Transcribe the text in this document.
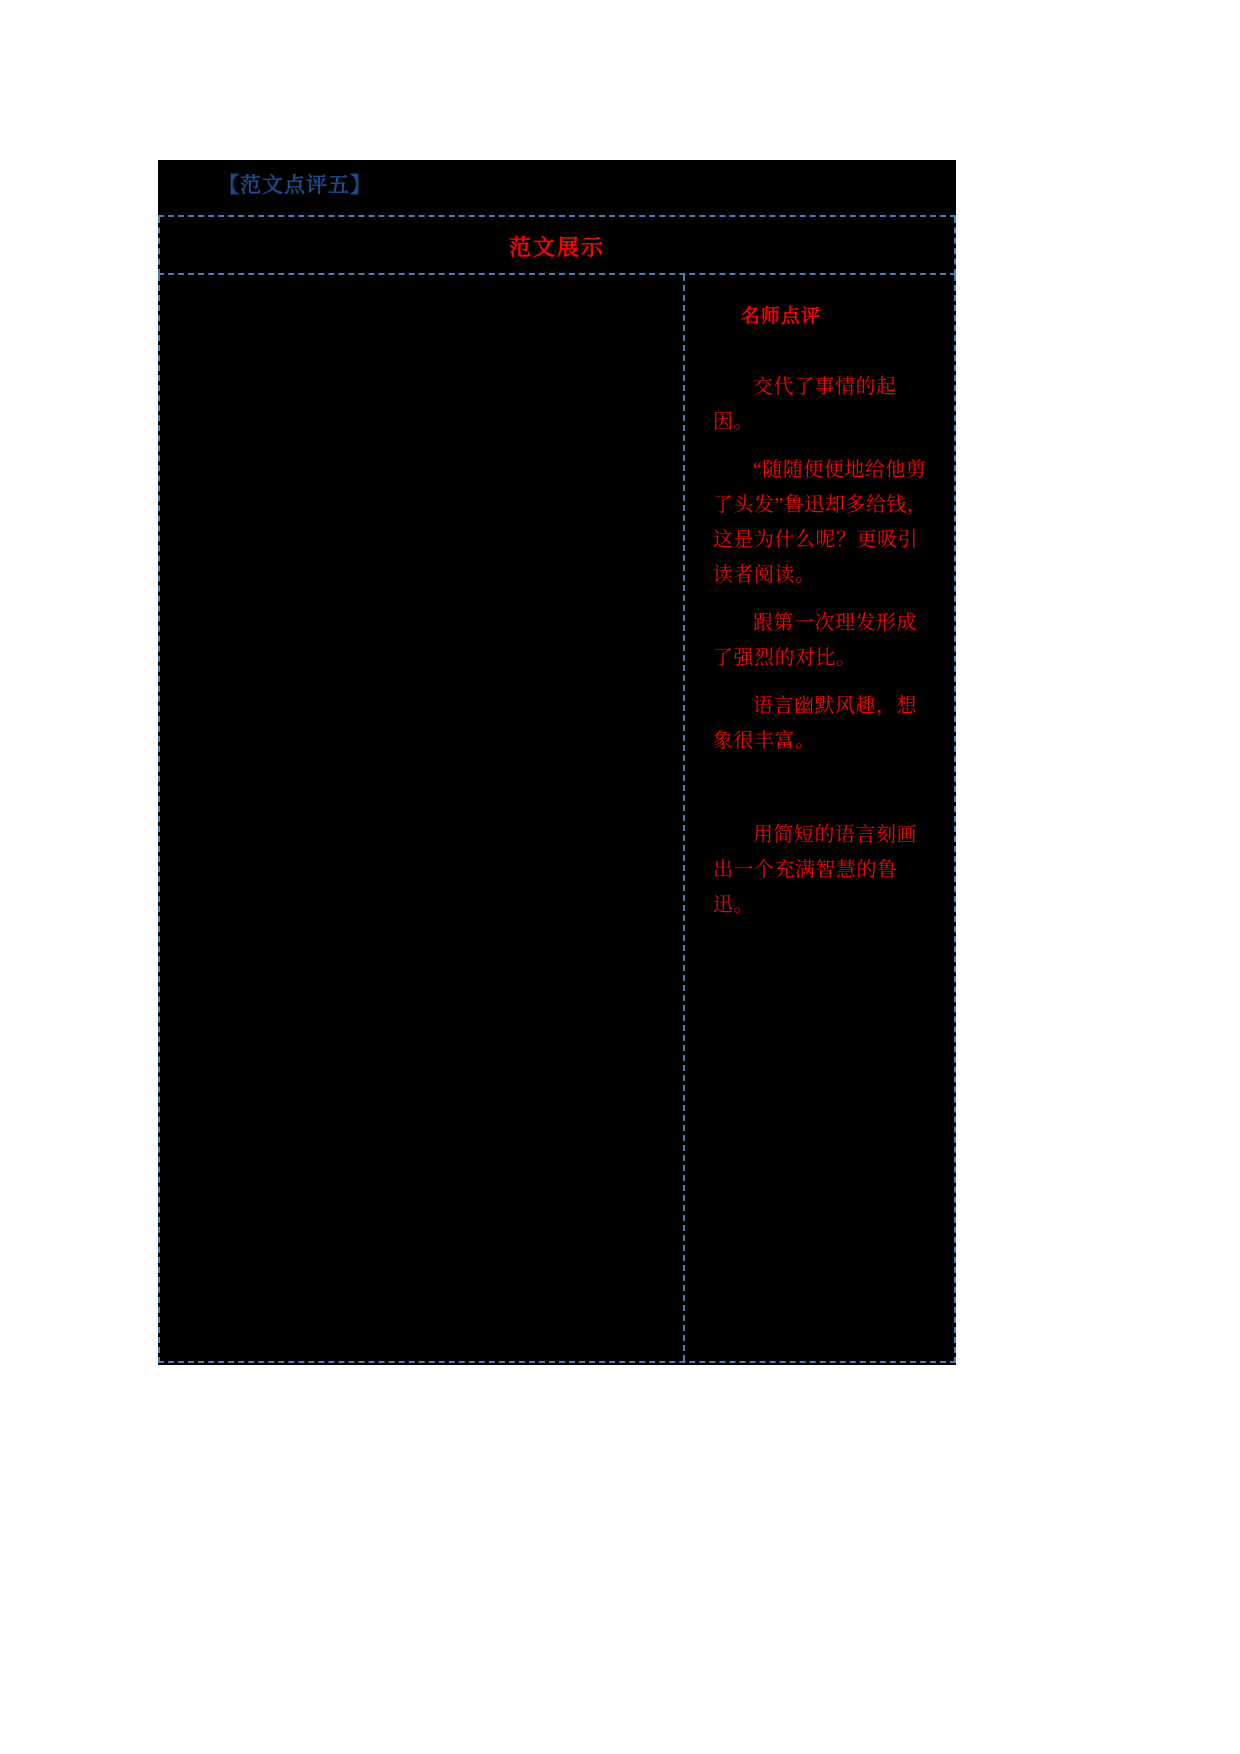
【范文点评五】
范文展示
名师点评

交代了事情的起因。

“随随便便地给他剪了头发”鲁迅却多给钱，这是为什么呢？更吸引读者阅读。

跟第一次理发形成了强烈的对比。

语言幽默风趣，想象很丰富。

用简短的语言刻画出一个充满智慧的鲁迅。
